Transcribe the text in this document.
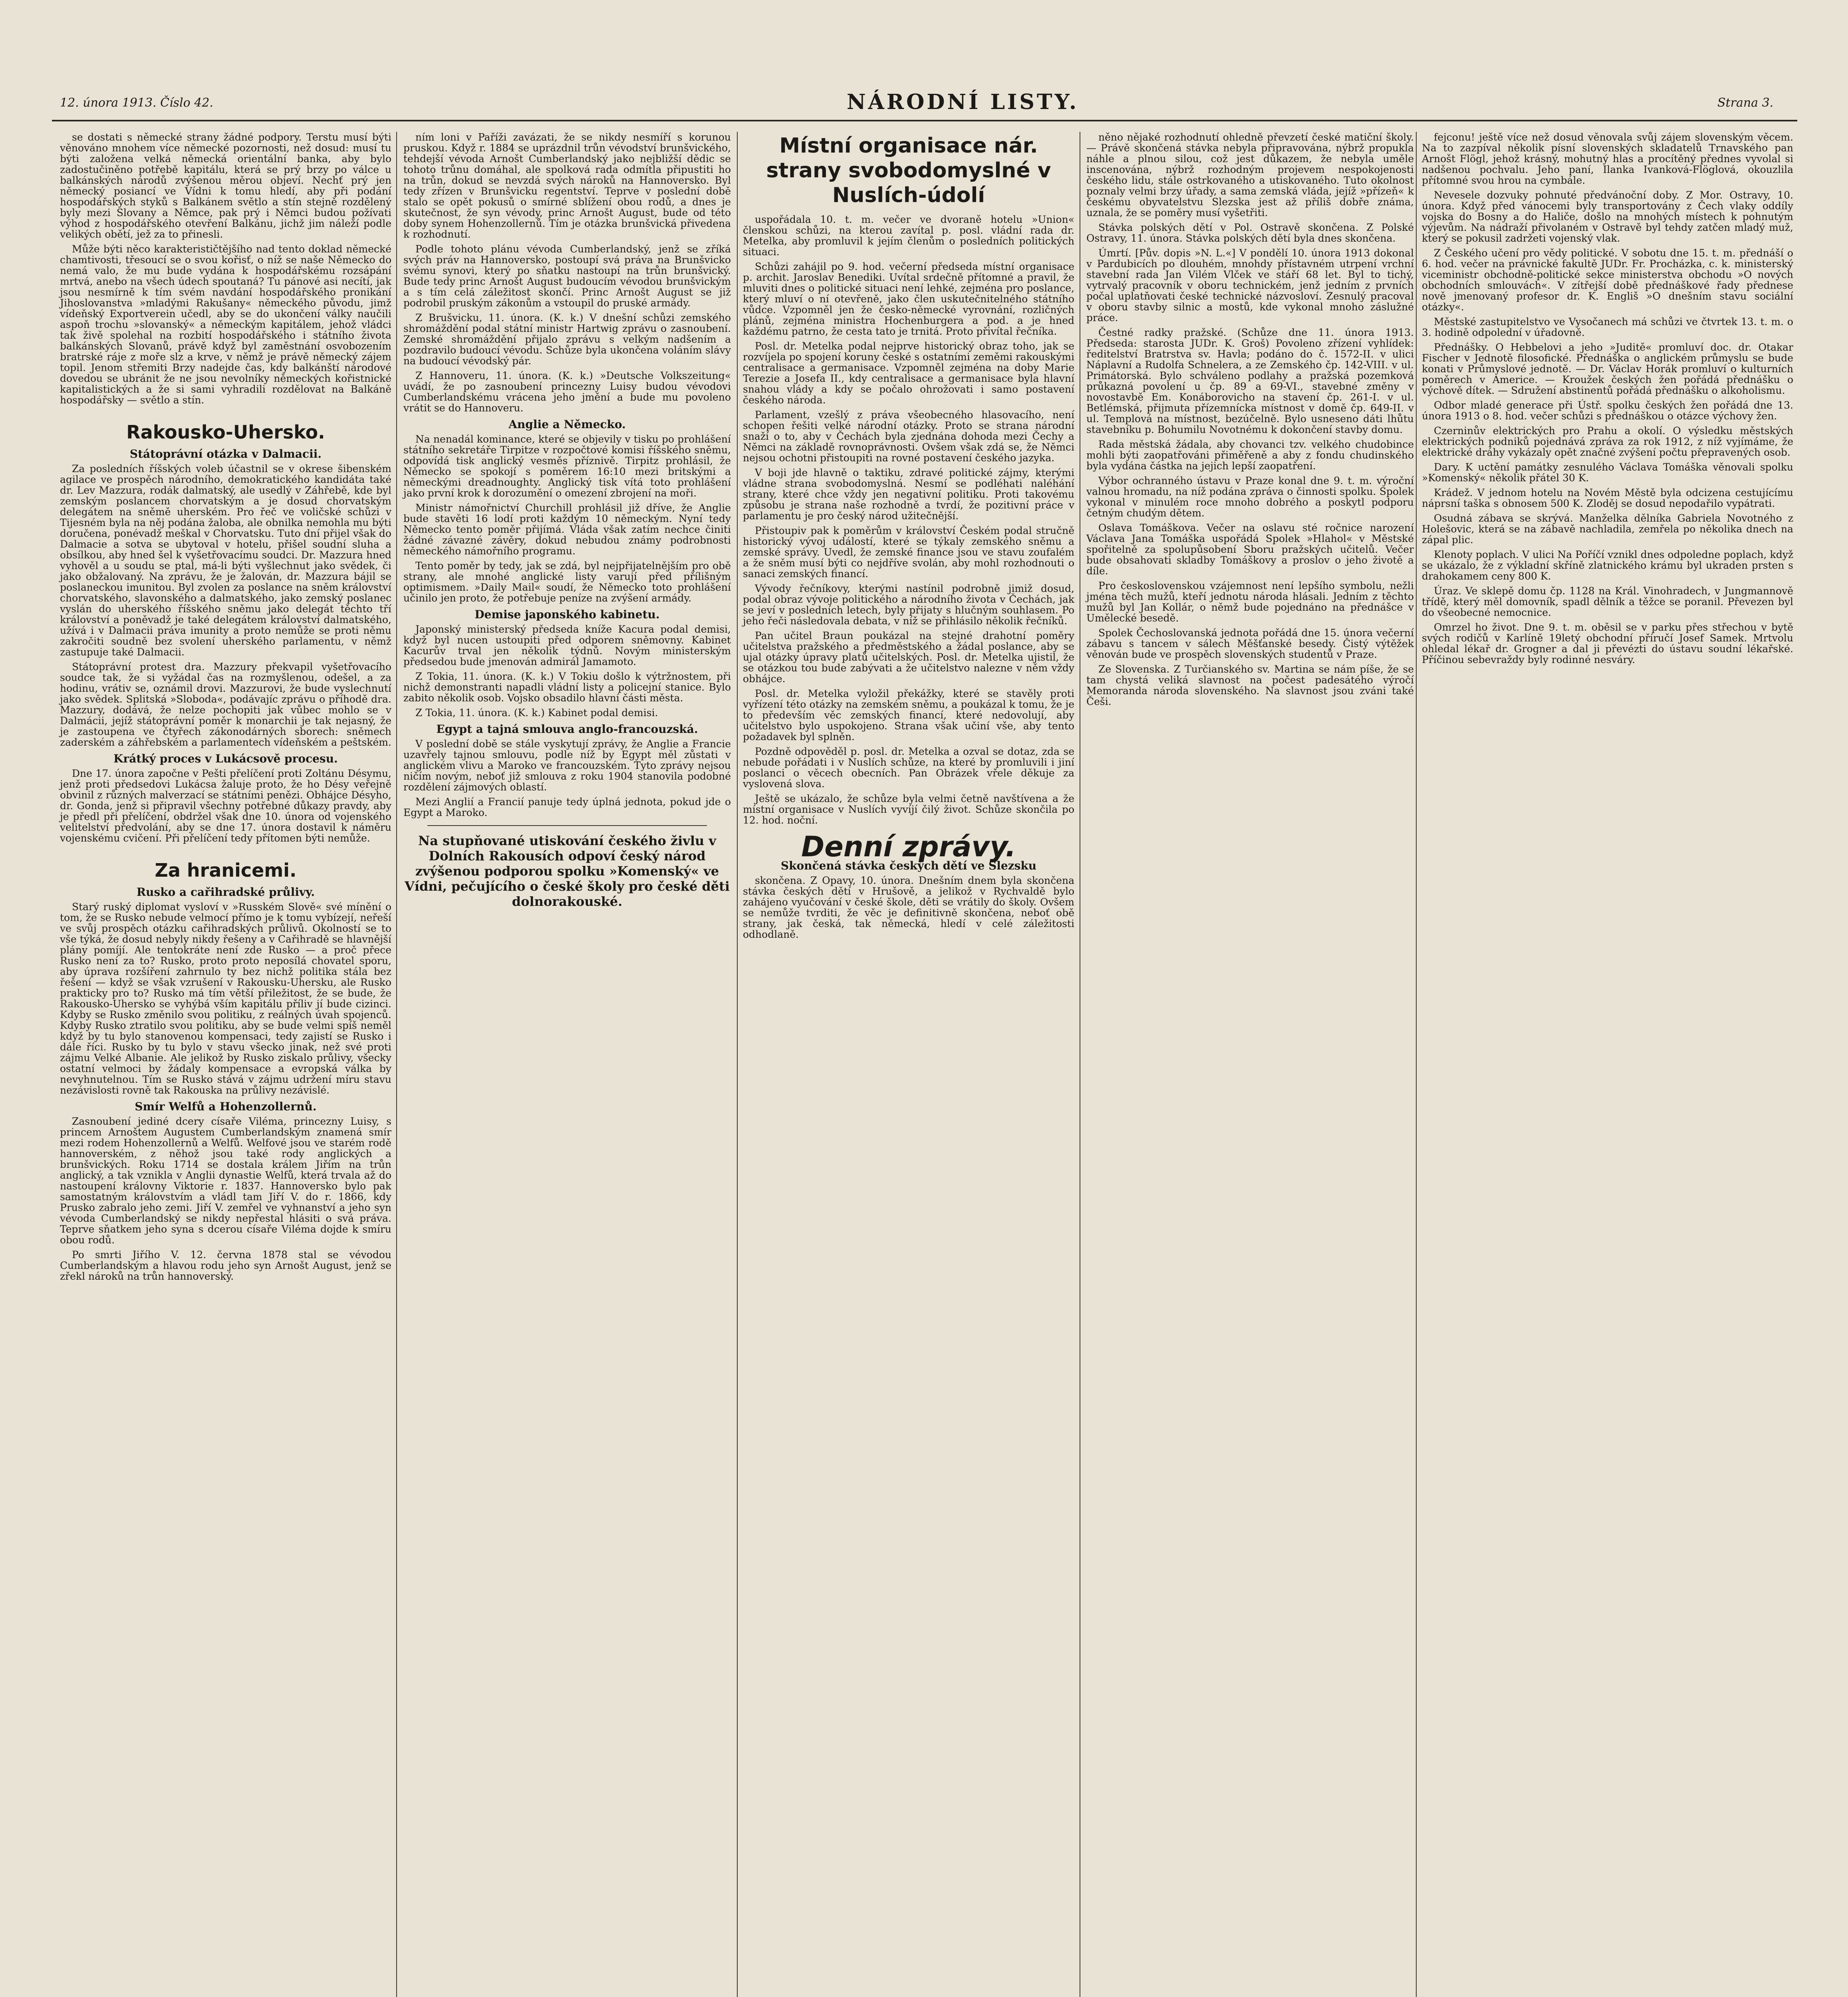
12. února 1913. Číslo 42.	NÁRODNÍ LISTY.	Strana 3.

se dostati s německé strany žádné podpory. Terstu musí býti věnováno mnohem více německé pozornosti, než dosud: musí tu býti založena velká německá orientální banka, aby bylo zadostučiněno potřebě kapitálu, která se prý brzy po válce u balkánských národů zvýšenou měrou objeví. Nechť prý jen německý posiancí ve Vídni k tomu hledí, aby při podání hospodářských styků s Balkánem světlo a stín stejně rozdělený byly mezi Slovany a Němce, pak prý i Němci budou požívati výhod z hospodářského otevření Balkánu, jichž jim náleží podle velikých obětí, jež za to přinesli.

Může býti něco karakterističtějšího nad tento doklad německé chamtivosti, třesoucí se o svou kořisť, o níž se naše Německo do nemá valo, že mu bude vydána k hospodářskému rozsápání mrtvá, anebo na všech údech spoutaná? Tu pánové asi necítí, jak jsou nesmírně k tím svém navdání hospodářského pronikání Jihoslovanstva »mladými Rakušany« německého původu, jimž vídeňský Exportverein učedl, aby se do ukončení války naučili aspoň trochu »slovanský« a německým kapitálem, jehož vládci tak živě spolehal na rozbití hospodářského i státního života balkánských Slovanů, právě když byl zaměstnání osvobozením bratrské ráje z moře slz a krve, v němž je právě německý zájem topil. Jenom střemiti Brzy nadejde čas, kdy balkánští národové dovedou se ubránit že ne jsou nevolníky německých kořistnické kapitalistických a že si sami vyhradili rozdělovat na Balkáně hospodářsky — světlo a stín.

Rakousko-Uhersko.
Státoprávní otázka v Dalmacii.

Za posledních říšských voleb účastnil se v okrese šibenském agilace ve prospěch národního, demokratického kandidáta také dr. Lev Mazzura, rodák dalmatský, ale usedlý v Záhřebě, kde byl zemským poslancem chorvatským a je dosud chorvatským delegátem na sněmě uherském. Pro řeč ve voličské schůzi v Tijesném byla na něj podána žaloba, ale obnilka nemohla mu býti doručena, ponévadž meškal v Chorvatsku. Tuto dní přijel však do Dalmacie a sotva se ubytoval v hotelu, přišel soudní sluha a obsílkou, aby hned šel k vyšetřovacímu soudci. Dr. Mazzura hned vyhověl a u soudu se ptal, má-li býti vyšlechnut jako svědek, či jako obžalovaný. Na zprávu, že je žalován, dr. Mazzura bájil se poslaneckou imunitou. Byl zvolen za poslance na sněm království chorvatského, slavonského a dalmatského, jako zemský poslanec vyslán do uherského říšského sněmu jako delegát těchto tří království a poněvadž je také delegátem království dalmatského, užívá i v Dalmacii práva imunity a proto nemůže se proti němu zakročiti soudně bez svolení uherského parlamentu, v němž zastupuje také Dalmacii.

Státoprávní protest dra. Mazzury překvapil vyšetřovacího soudce tak, že si vyžádal čas na rozmyšlenou, odešel, a za hodinu, vrátiv se, oznámil drovi. Mazzurovi, že bude vyslechnutí jako svědek. Splitská »Sloboda«, podávajíc zprávu o příhodě dra. Mazzury, dodává, že nelze pochopiti jak vůbec mohlo se v Dalmácii, jejíž státoprávní poměr k monarchii je tak nejasný, že je zastoupena ve čtyřech zákonodárných sborech: sněmech zaderském a záhřebském a parlamentech vídeňském a peštském.

Krátký proces v Lukácsově procesu.

Dne 17. února započne v Pešti přelíčení proti Zoltánu Désymu, jenž proti předsedovi Lukácsa žaluje proto, že ho Désy veřejně obvinil z různých malverzací se státními penězi. Obhájce Désyho, dr. Gonda, jenž si připravil všechny potřebné důkazy pravdy, aby je předl při přelíčení, obdržel však dne 10. února od vojenského velitelství předvolání, aby se dne 17. února dostavil k náměru vojenskému cvičení. Při přelíčení tedy přítomen býti nemůže.

Za hranicemi.
Rusko a cařihradské průlivy.

Starý ruský diplomat vysloví v »Rusském Slově« své mínění o tom, že se Rusko nebude velmocí přímo je k tomu vybízejí, neřeší ve svůj prospěch otázku cařihradských průlivů. Okolností se to vše týká, že dosud nebyly nikdy řešeny a v Cařihradě se hlavnější plány pomíjí. Ale tentokráte není zde Rusko — a proč přece Rusko není za to? Rusko, proto proto neposílá chovatel sporu, aby úprava rozšíření zahrnulo ty bez nichž politika stála bez řešení — když se však vzrušení v Rakousku-Uhersku, ale Rusko prakticky pro to? Rusko má tím větší přiležitost, že se bude, že Rakousko-Uhersko se vyhýbá vším kapitálu příliv jí bude cizinci. Kdyby se Rusko změnilo svou politiku, z reálných úvah spojenců. Kdyby Rusko ztratilo svou politiku, aby se bude velmi spíš neměl když by tu bylo stanovenou kompensaci, tedy zajistí se Rusko i dále říci. Rusko by tu bylo v stavu všecko jinak, než své proti zájmu Velké Albanie. Ale jelikož by Rusko ziskalo průlivy, všecky ostatní velmoci by žádaly kompensace a evropská válka by nevyhnutelnou. Tím se Rusko stává v zájmu udržení míru stavu nezávislosti rovně tak Rakouska na průlivy nezávislé.

Smír Welfů a Hohenzollernů.

Zasnoubení jediné dcery císaře Viléma, princezny Luisy, s princem Arnoštem Augustem Cumberlandským znamená smír mezi rodem Hohenzollernů a Welfů. Welfové jsou ve starém rodě hannoverském, z něhož jsou také rody anglických a brunšvických. Roku 1714 se dostala králem Jiřím na trůn anglický, a tak vznikla v Anglii dynastie Welfů, která trvala až do nastoupení královny Viktorie r. 1837. Hannoversko bylo pak samostatným královstvím a vládl tam Jiří V. do r. 1866, kdy Prusko zabralo jeho zemi. Jiří V. zemřel ve vyhnanství a jeho syn vévoda Cumberlandský se nikdy nepřestal hlásiti o svá práva. Teprve sňatkem jeho syna s dcerou císaře Viléma dojde k smíru obou rodů.

Po smrti Jiřího V. 12. června 1878 stal se vévodou Cumberlandským a hlavou rodu jeho syn Arnošt August, jenž se zřekl nároků na trůn hannoverský.

ním loni v Paříži zavázati, že se nikdy nesmíří s korunou pruskou. Když r. 1884 se uprázdnil trůn vévodství brunšvického, tehdejší vévoda Arnošt Cumberlandský jako nejbližší dědic se tohoto trůnu domáhal, ale spolková rada odmítla připustiti ho na trůn, dokud se nevzdá svých nároků na Hannoversko. Byl tedy zřízen v Brunšvicku regentství. Teprve v poslední době stalo se opět pokusů o smírné sblížení obou rodů, a dnes je skutečnost, že syn vévody, princ Arnošt August, bude od této doby synem Hohenzollernů. Tím je otázka brunšvická přivedena k rozhodnutí.

Podle tohoto plánu vévoda Cumberlandský, jenž se zříká svých práv na Hannoversko, postoupí svá práva na Brunšvicko svému synovi, který po sňatku nastoupí na trůn brunšvický. Bude tedy princ Arnošt August budoucím vévodou brunšvickým a s tím celá záležitost skončí. Princ Arnošt August se již podrobil pruským zákonům a vstoupil do pruské armády.

Z Brušvicku, 11. února. (K. k.) V dnešní schůzi zemského shromáždění podal státní ministr Hartwig zprávu o zasnoubení. Zemské shromáždění přijalo zprávu s velkým nadšením a pozdravilo budoucí vévodu. Schůze byla ukončena voláním slávy na budoucí vévodský pár.

Z Hannoveru, 11. února. (K. k.) »Deutsche Volkszeitung« uvádí, že po zasnoubení princezny Luisy budou vévodovi Cumberlandskému vrácena jeho jmění a bude mu povoleno vrátit se do Hannoveru.

Anglie a Německo.

Na nenadál kominance, které se objevily v tisku po prohlášení státního sekretáře Tirpitze v rozpočtové komisi říšského sněmu, odpovídá tisk anglický vesměs příznivě. Tirpitz prohlásil, že Německo se spokojí s poměrem 16:10 mezi britskými a německými dreadnoughty. Anglický tisk vítá toto prohlášení jako první krok k dorozumění o omezení zbrojení na moři.

Ministr námořnictví Churchill prohlásil již dříve, že Anglie bude stavěti 16 lodí proti každým 10 německým. Nyní tedy Německo tento poměr přijímá. Vláda však zatím nechce činiti žádné závazné závěry, dokud nebudou známy podrobnosti německého námořního programu.

Tento poměr by tedy, jak se zdá, byl nejpřijatelnějším pro obě strany, ale mnohé anglické listy varují před přílišným optimismem. »Daily Mail« soudí, že Německo toto prohlášení učinilo jen proto, že potřebuje peníze na zvýšení armády.

Demise japonského kabinetu.

Japonský ministerský předseda kníže Kacura podal demisi, když byl nucen ustoupiti před odporem sněmovny. Kabinet Kacurův trval jen několik týdnů. Novým ministerským předsedou bude jmenován admirál Jamamoto.

Z Tokia, 11. února. (K. k.) V Tokiu došlo k výtržnostem, při nichž demonstranti napadli vládní listy a policejní stanice. Bylo zabito několik osob. Vojsko obsadilo hlavní části města.

Z Tokia, 11. února. (K. k.) Kabinet podal demisi.

Egypt a tajná smlouva anglo-francouzská.

V poslední době se stále vyskytují zprávy, že Anglie a Francie uzavřely tajnou smlouvu, podle níž by Egypt měl zůstati v anglickém vlivu a Maroko ve francouzském. Tyto zprávy nejsou ničím novým, neboť již smlouva z roku 1904 stanovila podobné rozdělení zájmových oblastí.

Mezi Anglií a Francií panuje tedy úplná jednota, pokud jde o Egypt a Maroko.

Na stupňované utiskování českého živlu v Dolních Rakousích odpoví český národ zvýšenou podporou spolku »Komenský« ve Vídni, pečujícího o české školy pro české děti dolnorakouské.
Místní organisace nár. strany svobodomyslné v Nuslích-údolí

uspořádala 10. t. m. večer ve dvoraně hotelu »Union« členskou schůzi, na kterou zavítal p. posl. vládní rada dr. Metelka, aby promluvil k jejím členům o posledních politických situaci.

Schůzi zahájil po 9. hod. večerní předseda místní organisace p. archit. Jaroslav Benediki. Uvítal srdečně přítomné a pravil, že mluviti dnes o politické situaci není lehké, zejména pro poslance, který mluví o ní otevřeně, jako člen uskutečnitelného státního vůdce. Vzpomněl jen že česko-německé vyrovnání, rozličných plánů, zejména ministra Hochenburgera a pod. a je hned každému patrno, že cesta tato je trnitá. Proto přivítal řečníka.

Posl. dr. Metelka podal nejprve historický obraz toho, jak se rozvíjela po spojení koruny české s ostatními zeměmi rakouskými centralisace a germanisace. Vzpomněl zejména na doby Marie Terezie a Josefa II., kdy centralisace a germanisace byla hlavní snahou vlády a kdy se počalo ohrožovati i samo postavení českého národa.

Parlament, vzešlý z práva všeobecného hlasovacího, není schopen řešiti velké národní otázky. Proto se strana národní snaží o to, aby v Čechách byla zjednána dohoda mezi Čechy a Němci na základě rovnoprávnosti. Ovšem však zdá se, že Němci nejsou ochotni přistoupiti na rovné postavení českého jazyka.

V boji jde hlavně o taktiku, zdravé politické zájmy, kterými vládne strana svobodomyslná. Nesmí se podléhati naléhání strany, které chce vždy jen negativní politiku. Proti takovému způsobu je strana naše rozhodně a tvrdí, že pozitivní práce v parlamentu je pro český národ užitečnější.

Přistoupiv pak k poměrům v království Českém podal stručně historický vývoj událostí, které se týkaly zemského sněmu a zemské správy. Uvedl, že zemské finance jsou ve stavu zoufalém a že sněm musí býti co nejdříve svolán, aby mohl rozhodnouti o sanaci zemských financí.

Vývody řečníkovy, kterými nastínil podrobně jimiž dosud, podal obraz vývoje politického a národního života v Čechách, jak se jeví v posledních letech, byly přijaty s hlučným souhlasem. Po jeho řeči následovala debata, v níž se přihlásilo několik řečníků.

Pan učitel Braun poukázal na stejné drahotní poměry učitelstva pražského a předměstského a žádal poslance, aby se ujal otázky úpravy platů učitelských. Posl. dr. Metelka ujistil, že se otázkou tou bude zabývati a že učitelstvo nalezne v něm vždy obhájce.

Posl. dr. Metelka vyložil překážky, které se stavěly proti vyřízení této otázky na zemském sněmu, a poukázal k tomu, že je to především věc zemských financí, které nedovolují, aby učitelstvo bylo uspokojeno. Strana však učiní vše, aby tento požadavek byl splněn.

Pozdně odpověděl p. posl. dr. Metelka a ozval se dotaz, zda se nebude pořádati i v Nuslích schůze, na které by promluvili i jiní poslanci o věcech obecních. Pan Obrázek vřele děkuje za vyslovená slova.

Ještě se ukázalo, že schůze byla velmi četně navštívena a že místní organisace v Nuslích vyvíjí čilý život. Schůze skončila po 12. hod. noční.

Denní zprávy.
Skončená stávka českých dětí ve Slezsku

skončena. Z Opavy, 10. února. Dnešním dnem byla skončena stávka českých dětí v Hrušově, a jelikož v Rychvaldě bylo zahájeno vyučování v české škole, děti se vrátily do školy. Ovšem se nemůže tvrditi, že věc je definitivně skončena, neboť obě strany, jak česká, tak německá, hledí v celé záležitosti odhodlaně.

něno nějaké rozhodnutí ohledně převzetí české matiční školy. — Právě skončená stávka nebyla připravována, nýbrž propukla náhle a plnou silou, což jest důkazem, že nebyla uměle inscenována, nýbrž rozhodným projevem nespokojenosti českého lidu, stále ostrkovaného a utiskovaného. Tuto okolnost poznaly velmi brzy úřady, a sama zemská vláda, jejíž »přízeň« k českému obyvatelstvu Slezska jest až příliš dobře známa, uznala, že se poměry musí vyšetřiti.

Stávka polských dětí v Pol. Ostravě skončena. Z Polské Ostravy, 11. února. Stávka polských dětí byla dnes skončena.

Úmrtí. [Pův. dopis »N. L.«] V pondělí 10. února 1913 dokonal v Pardubicích po dlouhém, mnohdy přístavném utrpení vrchní stavební rada Jan Vilém Vlček ve stáří 68 let. Byl to tichý, vytrvalý pracovník v oboru technickém, jenž jedním z prvních počal uplatňovati české technické názvosloví. Zesnulý pracoval v oboru stavby silnic a mostů, kde vykonal mnoho záslužné práce.

Čestné radky pražské. (Schůze dne 11. února 1913. Předseda: starosta JUDr. K. Groš) Povoleno zřízení vyhlídek: ředitelství Bratrstva sv. Havla; podáno do č. 1572-II. v ulici Náplavní a Rudolfa Schnelera, a ze Zemského čp. 142-VIII. v ul. Primátorská. Bylo schváleno podlahy a pražská pozemková průkazná povolení u čp. 89 a 69-VI., stavebné změny v novostavbě Em. Konáborovicho na stavení čp. 261-I. v ul. Betlémská, přijmuta přízemnícka místnost v domě čp. 649-II. v ul. Templová na místnost, bezúčelně. Bylo usneseno dáti lhůtu stavebníku p. Bohumilu Novotnému k dokončení stavby domu.

Rada městská žádala, aby chovanci tzv. velkého chudobince mohli býti zaopatřováni přiměřeně a aby z fondu chudinského byla vydána částka na jejich lepší zaopatření.

Výbor ochranného ústavu v Praze konal dne 9. t. m. výroční valnou hromadu, na níž podána zpráva o činnosti spolku. Spolek vykonal v minulém roce mnoho dobrého a poskytl podporu četným chudým dětem.

Oslava Tomáškova. Večer na oslavu sté ročnice narození Václava Jana Tomáška uspořádá Spolek »Hlahol« v Městské spořitelně za spolupůsobení Sboru pražských učitelů. Večer bude obsahovati skladby Tomáškovy a proslov o jeho životě a díle.

Pro československou vzájemnost není lepšího symbolu, nežli jména těch mužů, kteří jednotu národa hlásali. Jedním z těchto mužů byl Jan Kollár, o němž bude pojednáno na přednášce v Umělecké besedě.

Spolek Čechoslovanská jednota pořádá dne 15. února večerní zábavu s tancem v sálech Měšťanské besedy. Čistý výtěžek věnován bude ve prospěch slovenských studentů v Praze.

Ze Slovenska. Z Turčianského sv. Martina se nám píše, že se tam chystá veliká slavnost na počest padesátého výročí Memoranda národa slovenského. Na slavnost jsou zváni také Češi.

fejconu! ještě více než dosud věnovala svůj zájem slovenským věcem. Na to zazpíval několik písní slovenských skladatelů Trnavského pan Arnošt Flögl, jehož krásný, mohutný hlas a procítěný přednes vyvolal si nadšenou pochvalu. Jeho paní, Ilanka Ivanková-Flöglová, okouzlila přítomné svou hrou na cymbále.

Nevesele dozvuky pohnuté předvánoční doby. Z Mor. Ostravy, 10. února. Když před vánocemi byly transportovány z Čech vlaky oddíly vojska do Bosny a do Haliče, došlo na mnohých místech k pohnutým výjevům. Na nádraží přivolaném v Ostravě byl tehdy zatčen mladý muž, který se pokusil zadržeti vojenský vlak.

Z Českého učení pro vědy politické. V sobotu dne 15. t. m. přednáší o 6. hod. večer na právnické fakultě JUDr. Fr. Procházka, c. k. ministerský viceministr obchodně-politické sekce ministerstva obchodu »O nových obchodních smlouvách«. V zítřejší době přednáškové řady přednese nově jmenovaný profesor dr. K. Engliš »O dnešním stavu sociální otázky«.

Městské zastupitelstvo ve Vysočanech má schůzi ve čtvrtek 13. t. m. o 3. hodině odpolední v úřadovně.

Přednášky. O Hebbelovi a jeho »Juditě« promluví doc. dr. Otakar Fischer v Jednotě filosofické. Přednáška o anglickém průmyslu se bude konati v Průmyslové jednotě. — Dr. Václav Horák promluví o kulturních poměrech v Americe. — Kroužek českých žen pořádá přednášku o výchově dítek. — Sdružení abstinentů pořádá přednášku o alkoholismu.

Odbor mladé generace při Ústř. spolku českých žen pořádá dne 13. února 1913 o 8. hod. večer schůzi s přednáškou o otázce výchovy žen.

Czerninův elektrických pro Prahu a okolí. O výsledku městských elektrických podniků pojednává zpráva za rok 1912, z níž vyjímáme, že elektrické dráhy vykázaly opět značné zvýšení počtu přepravených osob.

Dary. K uctění památky zesnulého Václava Tomáška věnovali spolku »Komenský« několik přátel 30 K.

Krádež. V jednom hotelu na Novém Městě byla odcizena cestujícímu náprsní taška s obnosem 500 K. Zloděj se dosud nepodařilo vypátrati.

Osudná zábava se skrývá. Manželka dělníka Gabriela Novotného z Holešovic, která se na zábavě nachladila, zemřela po několika dnech na zápal plic.

Klenoty poplach. V ulici Na Poříčí vznikl dnes odpoledne poplach, když se ukázalo, že z výkladní skříně zlatnického krámu byl ukraden prsten s drahokamem ceny 800 K.

Úraz. Ve sklepě domu čp. 1128 na Král. Vinohradech, v Jungmannově třídě, který měl domovník, spadl dělník a těžce se poranil. Převezen byl do všeobecné nemocnice.

Omrzel ho život. Dne 9. t. m. oběsil se v parku přes střechou v bytě svých rodičů v Karlíně 19letý obchodní příručí Josef Samek. Mrtvolu ohledal lékař dr. Grogner a dal ji převézti do ústavu soudní lékařské. Příčinou sebevraždy byly rodinné nesváry.
